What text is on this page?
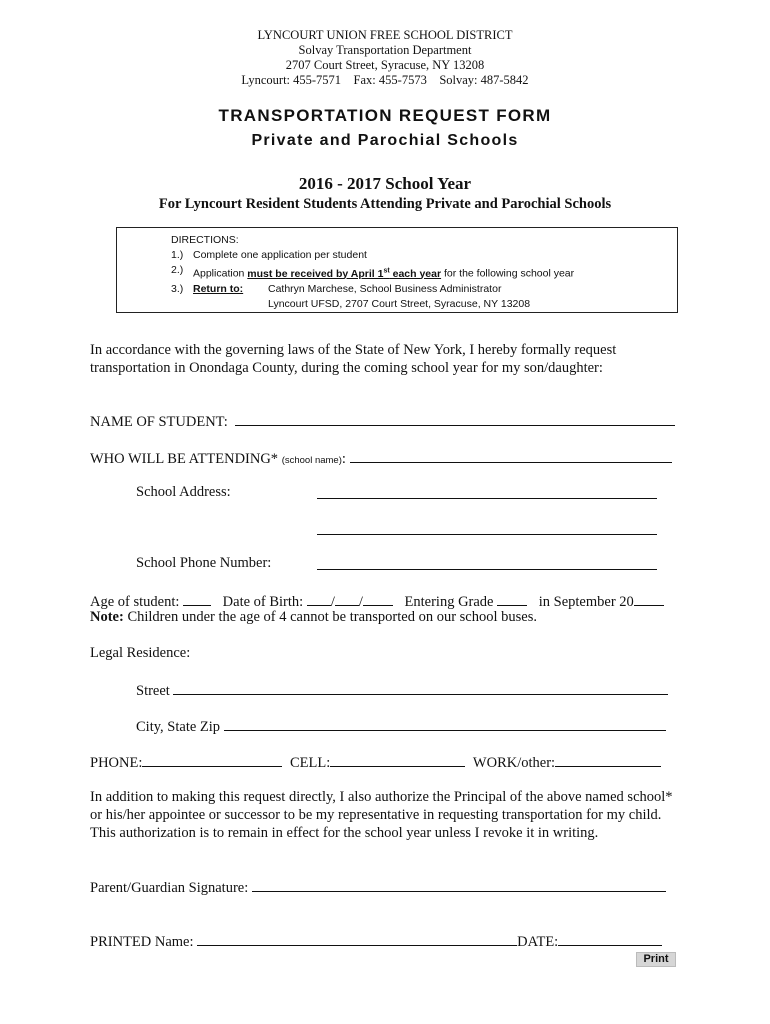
LYNCOURT UNION FREE SCHOOL DISTRICT
Solvay Transportation Department
2707 Court Street, Syracuse, NY 13208
Lyncourt: 455-7571    Fax: 455-7573    Solvay: 487-5842
TRANSPORTATION REQUEST FORM
Private and Parochial Schools
2016 - 2017 School Year
For Lyncourt Resident Students Attending Private and Parochial Schools
DIRECTIONS:
1.) Complete one application per student
2.) Application must be received by April 1st each year for the following school year
3.) Return to:	Cathryn Marchese, School Business Administrator
Lyncourt UFSD, 2707 Court Street, Syracuse, NY 13208
In accordance with the governing laws of the State of New York, I hereby formally request transportation in Onondaga County, during the coming school year for my son/daughter:
NAME OF STUDENT:
WHO WILL BE ATTENDING* (school name):
School Address:
School Phone Number:
Age of student:	Date of Birth: / /	Entering Grade	in September 20
Note: Children under the age of 4 cannot be transported on our school buses.
Legal Residence:
Street
City, State Zip
PHONE:	CELL:	WORK/other:
In addition to making this request directly, I also authorize the Principal of the above named school* or his/her appointee or successor to be my representative in requesting transportation for my child. This authorization is to remain in effect for the school year unless I revoke it in writing.
Parent/Guardian Signature:
PRINTED Name:	DATE:
Print
